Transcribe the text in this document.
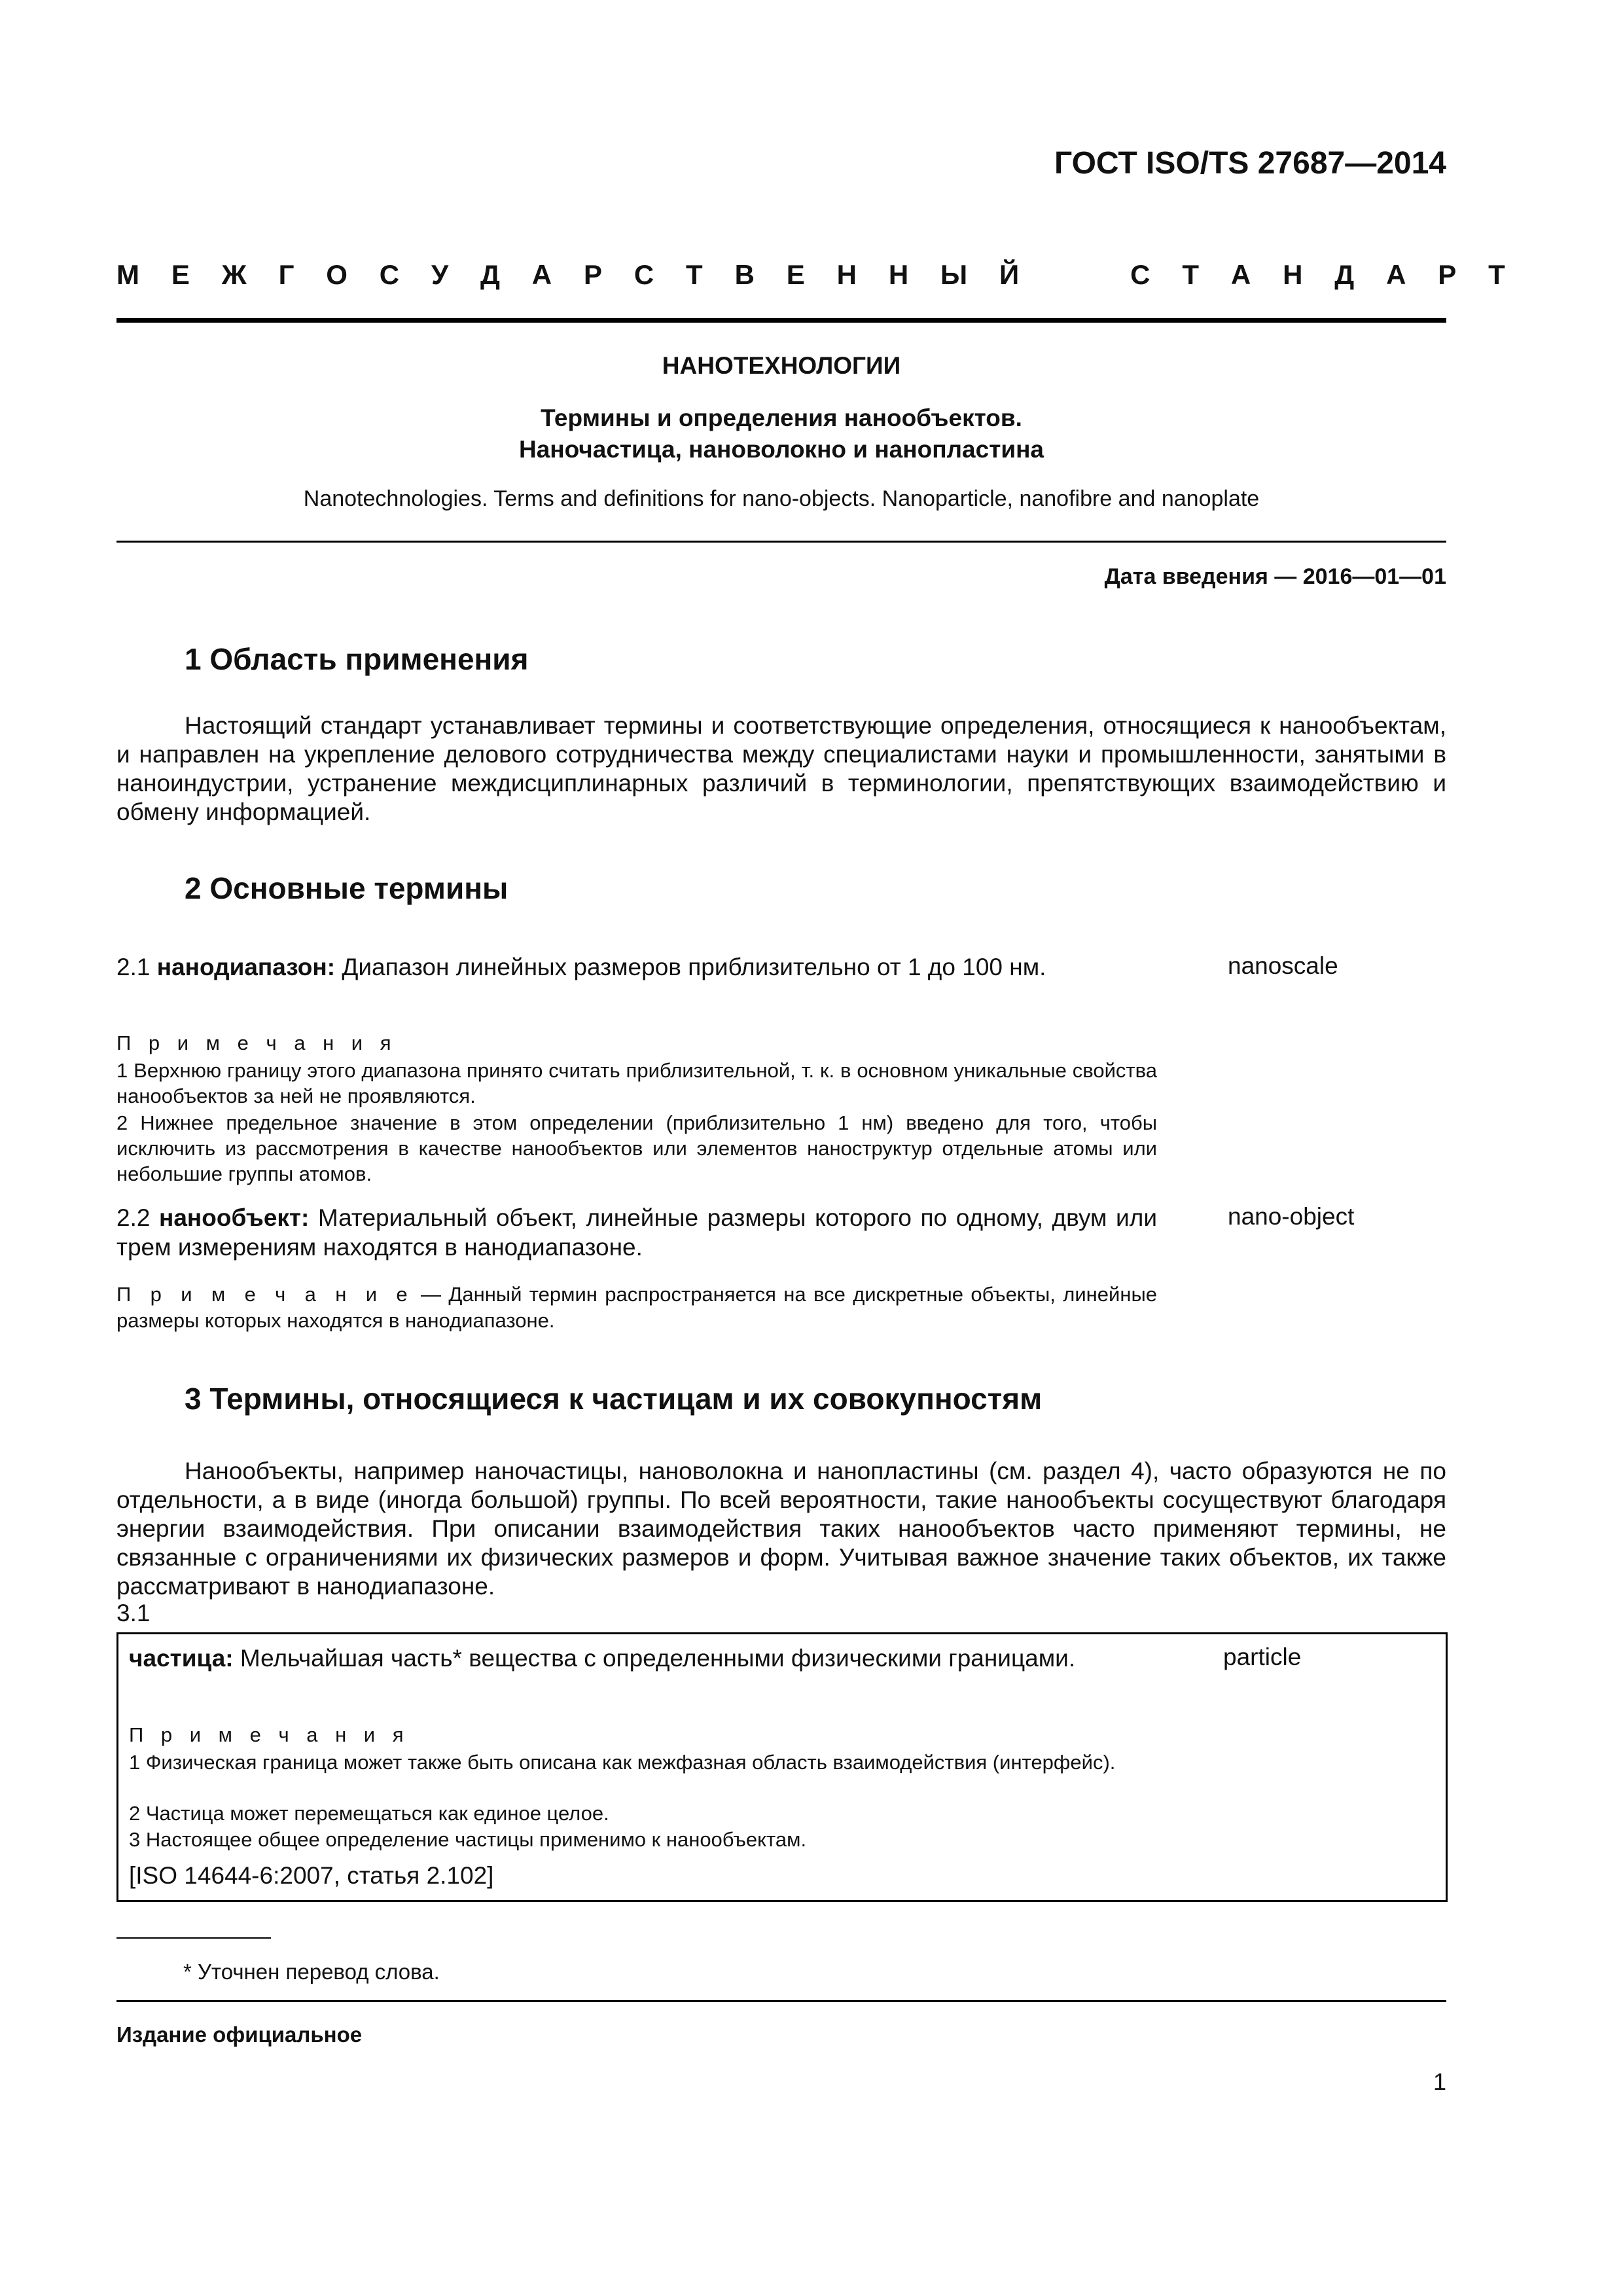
ГОСТ ISO/TS 27687—2014
М Е Ж Г О С У Д А Р С Т В Е Н Н Ы Й     С Т А Н Д А Р Т
НАНОТЕХНОЛОГИИ
Термины и определения нанообъектов.
Наночастица, нановолокно и нанопластина
Nanotechnologies. Terms and definitions for nano-objects. Nanoparticle, nanofibre and nanoplate
Дата введения — 2016—01—01
1 Область применения
Настоящий стандарт устанавливает термины и соответствующие определения, относящиеся к нанообъектам, и направлен на укрепление делового сотрудничества между специалистами науки и промышленности, занятыми в наноиндустрии, устранение междисциплинарных различий в терминологии, препятствующих взаимодействию и обмену информацией.
2 Основные термины
2.1 нанодиапазон: Диапазон линейных размеров приблизительно от 1 до 100 нм.	nanoscale
П р и м е ч а н и я
1 Верхнюю границу этого диапазона принято считать приблизительной, т. к. в основном уникальные свойства нанообъектов за ней не проявляются.
2 Нижнее предельное значение в этом определении (приблизительно 1 нм) введено для того, чтобы исключить из рассмотрения в качестве нанообъектов или элементов наноструктур отдельные атомы или небольшие группы атомов.
2.2 нанообъект: Материальный объект, линейные размеры которого по одному, двум или трем измерениям находятся в нанодиапазоне.
nano-object
П р и м е ч а н и е — Данный термин распространяется на все дискретные объекты, линейные размеры которых находятся в нанодиапазоне.
3 Термины, относящиеся к частицам и их совокупностям
Нанообъекты, например наночастицы, нановолокна и нанопластины (см. раздел 4), часто образуются не по отдельности, а в виде (иногда большой) группы. По всей вероятности, такие нанообъекты сосуществуют благодаря энергии взаимодействия. При описании взаимодействия таких нанообъектов часто применяют термины, не связанные с ограничениями их физических размеров и форм. Учитывая важное значение таких объектов, их также рассматривают в нанодиапазоне.
3.1
частица: Мельчайшая часть* вещества с определенными физическими границами.	particle
П р и м е ч а н и я
1 Физическая граница может также быть описана как межфазная область взаимодействия (интерфейс).
2 Частица может перемещаться как единое целое.
3 Настоящее общее определение частицы применимо к нанообъектам.
[ISO 14644-6:2007, статья 2.102]
* Уточнен перевод слова.
Издание официальное
1
